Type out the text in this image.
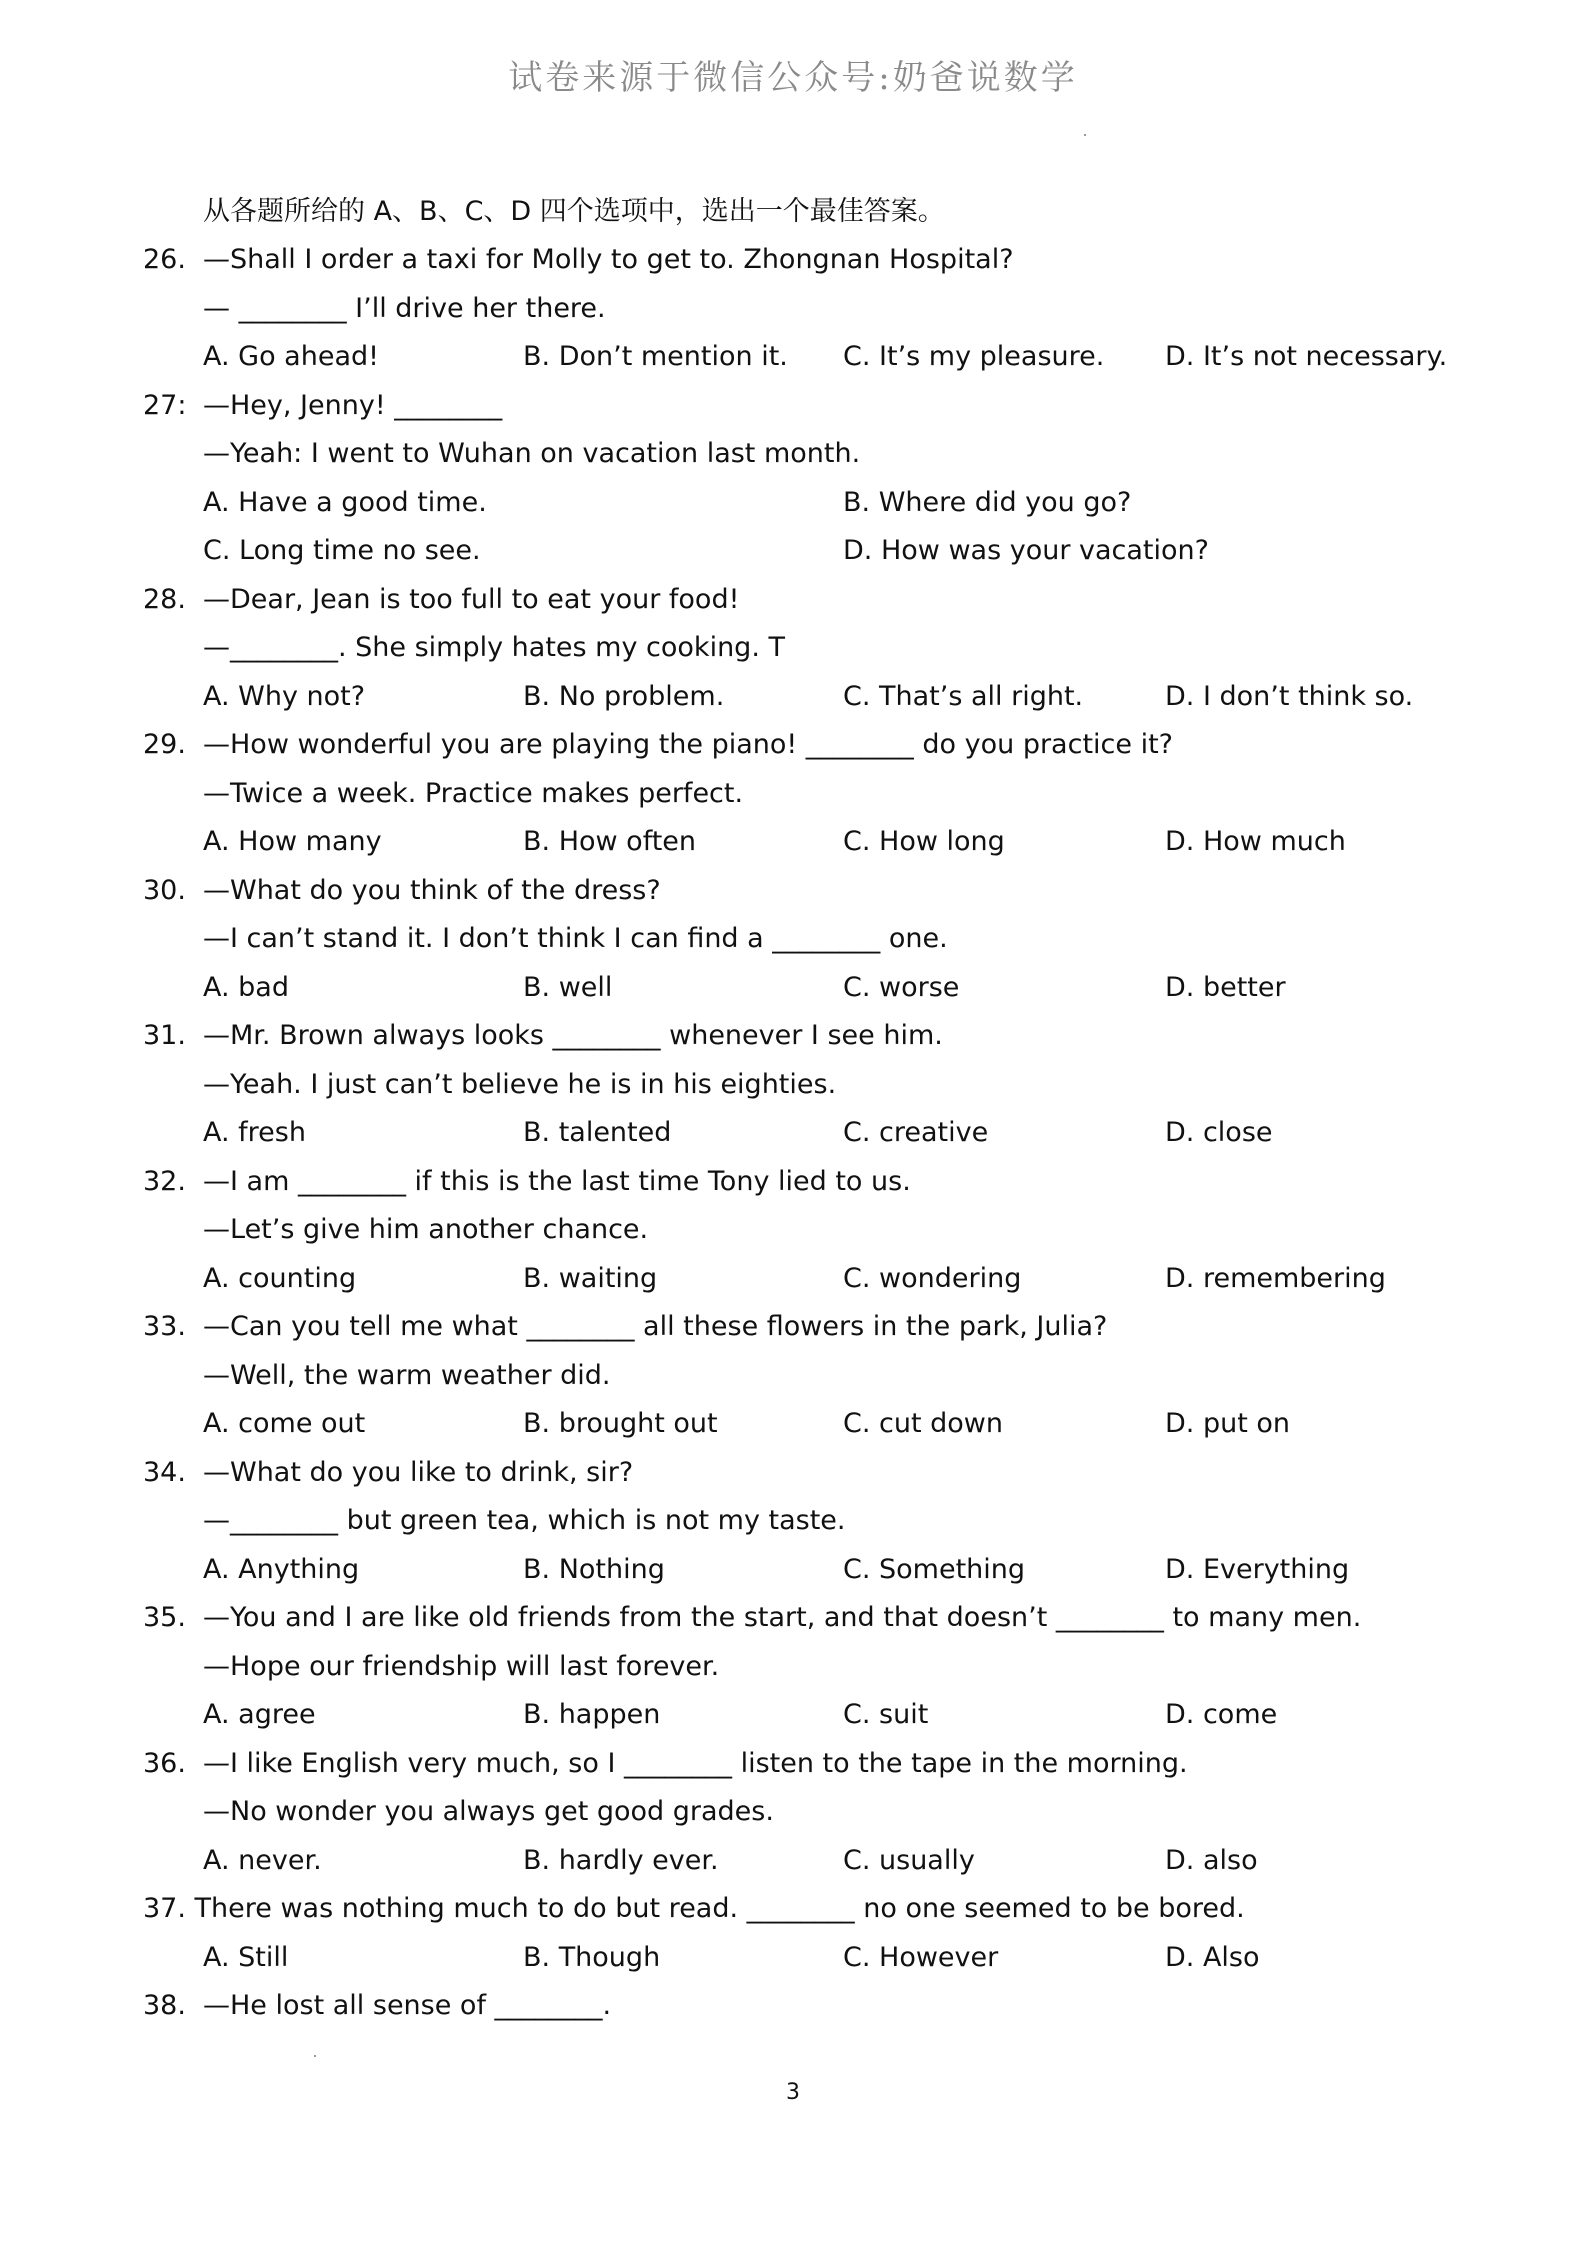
试卷来源于微信公众号:奶爸说数学
从各题所给的 A、B、C、D 四个选项中，选出一个最佳答案。
26. —Shall I order a taxi for Molly to get to. Zhongnan Hospital?
— ________ I’ll drive her there.
A. Go ahead!	B. Don’t mention it. C. It’s my pleasure. D. It’s not necessary.
27: —Hey, Jenny! ________
—Yeah: I went to Wuhan on vacation last month.
A. Have a good time.	B. Where did you go?
C. Long time no see.	D. How was your vacation?
28. —Dear, Jean is too full to eat your food!
—________. She simply hates my cooking. T
A. Why not?	B. No problem.	C. That’s all right.	D. I don’t think so.
29. —How wonderful you are playing the piano! ________ do you practice it?
—Twice a week. Practice makes perfect.
A. How many	B. How often	C. How long	D. How much
30. —What do you think of the dress?
—I can’t stand it. I don’t think I can find a ________ one.
A. bad	B. well	C. worse	D. better
31. —Mr. Brown always looks ________ whenever I see him.
—Yeah. I just can’t believe he is in his eighties.
A. fresh	B. talented	C. creative	D. close
32. —I am ________ if this is the last time Tony lied to us.
—Let’s give him another chance.
A. counting	B. waiting	C. wondering	D. remembering
33. —Can you tell me what ________ all these flowers in the park, Julia?
—Well, the warm weather did.
A. come out	B. brought out	C. cut down	D. put on
34. —What do you like to drink, sir?
—________ but green tea, which is not my taste.
A. Anything	B. Nothing	C. Something	D. Everything
35. —You and I are like old friends from the start, and that doesn’t ________ to many men.
—Hope our friendship will last forever.
A. agree	B. happen	C. suit	D. come
36. —I like English very much, so I ________ listen to the tape in the morning.
—No wonder you always get good grades.
A. never.	B. hardly ever.	C. usually	D. also
37. There was nothing much to do but read. ________ no one seemed to be bored.
A. Still	B. Though	C. However	D. Also
38. —He lost all sense of ________.
3
